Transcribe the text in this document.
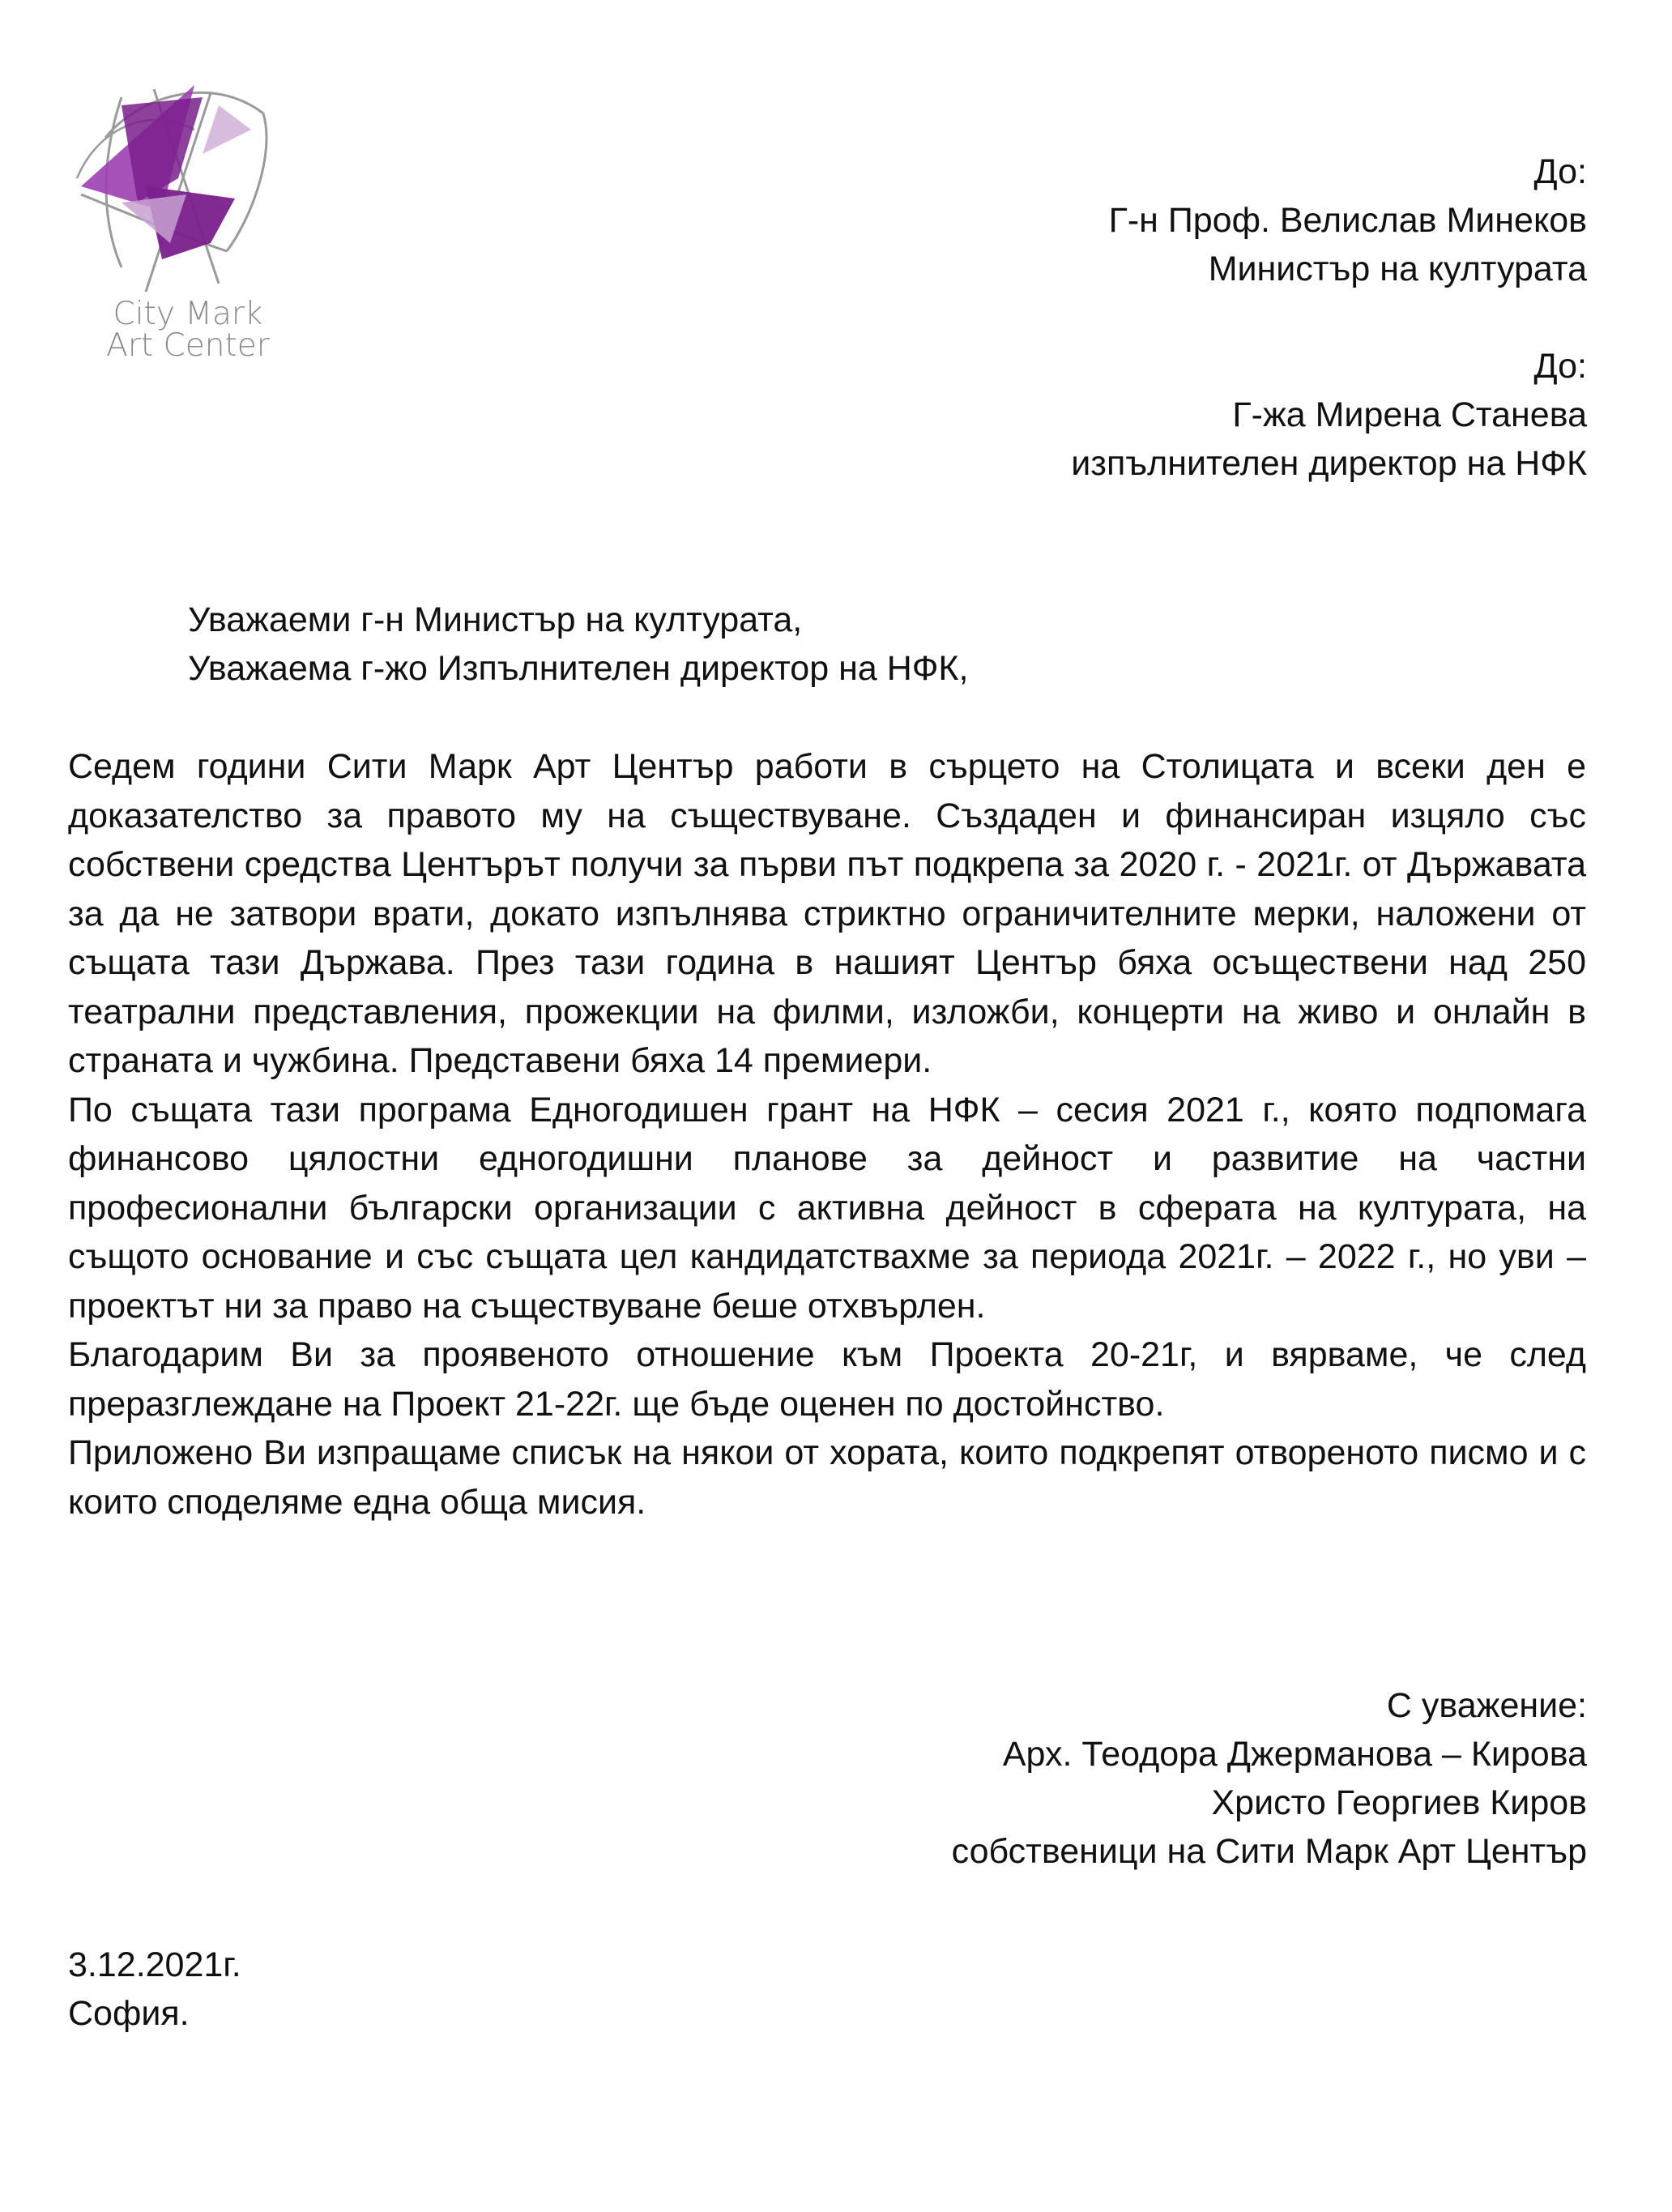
City Mark
Art Center
До:
Г-н Проф. Велислав Минеков
Министър на културата
До:
Г-жа Мирена Станева
изпълнителен директор на НФК
Уважаеми г-н Министър на културата,
Уважаема г-жо Изпълнителен директор на НФК,

Седем години Сити Марк Арт Център работи в сърцето на Столицата и всеки ден е доказателство за правото му на съществуване. Създаден и финансиран изцяло със собствени средства Центърът получи за първи път подкрепа за 2020 г. - 2021г. от Държавата за да не затвори врати, докато изпълнява стриктно ограничителните мерки, наложени от същата тази Държава. През тази година в нашият Център бяха осъществени над 250 театрални представления, прожекции на филми, изложби, концерти на живо и онлайн в страната и чужбина. Представени бяха 14 премиери.

По същата тази програма Едногодишен грант на НФК – сесия 2021 г., която подпомага финансово цялостни едногодишни планове за дейност и развитие на частни професионални български организации с активна дейност в сферата на културата, на същото основание и със същата цел кандидатствахме за периода 2021г. – 2022 г., но уви – проектът ни за право на съществуване беше отхвърлен.

Благодарим Ви за проявеното отношение към Проекта 20-21г, и вярваме, че след преразглеждане на Проект 21-22г. ще бъде оценен по достойнство.

Приложено Ви изпращаме списък на някои от хората, които подкрепят отвореното писмо и с които споделяме една обща мисия.

С уважение:
Арх. Теодора Джерманова – Кирова
Христо Георгиев Киров
собственици на Сити Марк Арт Център
3.12.2021г.
София.
